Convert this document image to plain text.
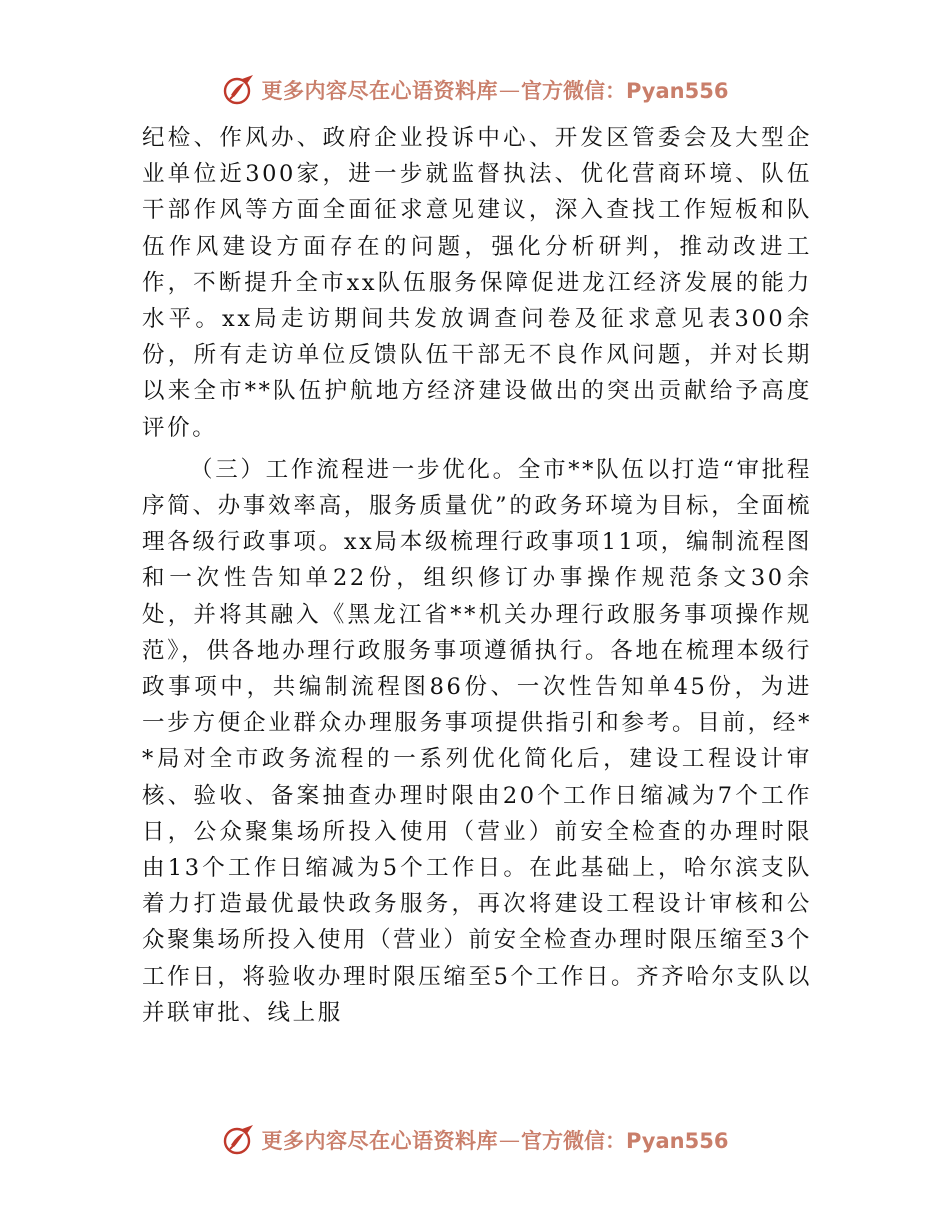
更多内容尽在心语资料库 — 官方微信：Pyan556

纪检、作风办、政府企业投诉中心、开发区管委会及大型企业单位近300家，进一步就监督执法、优化营商环境、队伍干部作风等方面全面征求意见建议，深入查找工作短板和队伍作风建设方面存在的问题，强化分析研判，推动改进工作，不断提升全市xx队伍服务保障促进龙江经济发展的能力水平。xx局走访期间共发放调查问卷及征求意见表300余份，所有走访单位反馈队伍干部无不良作风问题，并对长期以来全市**队伍护航地方经济建设做出的突出贡献给予高度评价。

（三）工作流程进一步优化。全市**队伍以打造“审批程序简、办事效率高，服务质量优”的政务环境为目标，全面梳理各级行政事项。xx局本级梳理行政事项11项，编制流程图和一次性告知单22份，组织修订办事操作规范条文30余处，并将其融入《黑龙江省**机关办理行政服务事项操作规范》，供各地办理行政服务事项遵循执行。各地在梳理本级行政事项中，共编制流程图86份、一次性告知单45份，为进一步方便企业群众办理服务事项提供指引和参考。目前，经**局对全市政务流程的一系列优化简化后，建设工程设计审核、验收、备案抽查办理时限由20个工作日缩减为7个工作日，公众聚集场所投入使用（营业）前安全检查的办理时限由13个工作日缩减为5个工作日。在此基础上，哈尔滨支队着力打造最优最快政务服务，再次将建设工程设计审核和公众聚集场所投入使用（营业）前安全检查办理时限压缩至3个工作日，将验收办理时限压缩至5个工作日。齐齐哈尔支队以并联审批、线上服

更多内容尽在心语资料库 — 官方微信：Pyan556
